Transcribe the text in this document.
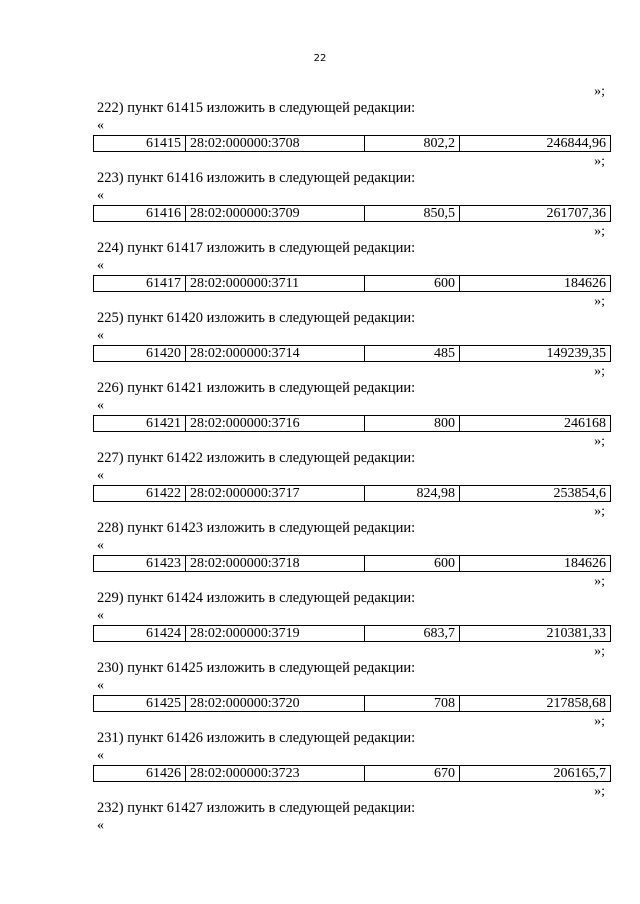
22
»;
222) пункт 61415 изложить в следующей редакции:
«
61415 28:02:000000:3708	802,2	246844,96
»;
223) пункт 61416 изложить в следующей редакции:
«
61416 28:02:000000:3709	850,5	261707,36
»;
224) пункт 61417 изложить в следующей редакции:
«
61417 28:02:000000:3711	600	184626
»;
225) пункт 61420 изложить в следующей редакции:
«
61420 28:02:000000:3714	485	149239,35
»;
226) пункт 61421 изложить в следующей редакции:
«
61421 28:02:000000:3716	800	246168
»;
227) пункт 61422 изложить в следующей редакции:
«
61422 28:02:000000:3717	824,98	253854,6
»;
228) пункт 61423 изложить в следующей редакции:
«
61423 28:02:000000:3718	600	184626
»;
229) пункт 61424 изложить в следующей редакции:
«
61424 28:02:000000:3719	683,7	210381,33
»;
230) пункт 61425 изложить в следующей редакции:
«
61425 28:02:000000:3720	708	217858,68
»;
231) пункт 61426 изложить в следующей редакции:
«
61426 28:02:000000:3723	670	206165,7
»;
232) пункт 61427 изложить в следующей редакции:
«
